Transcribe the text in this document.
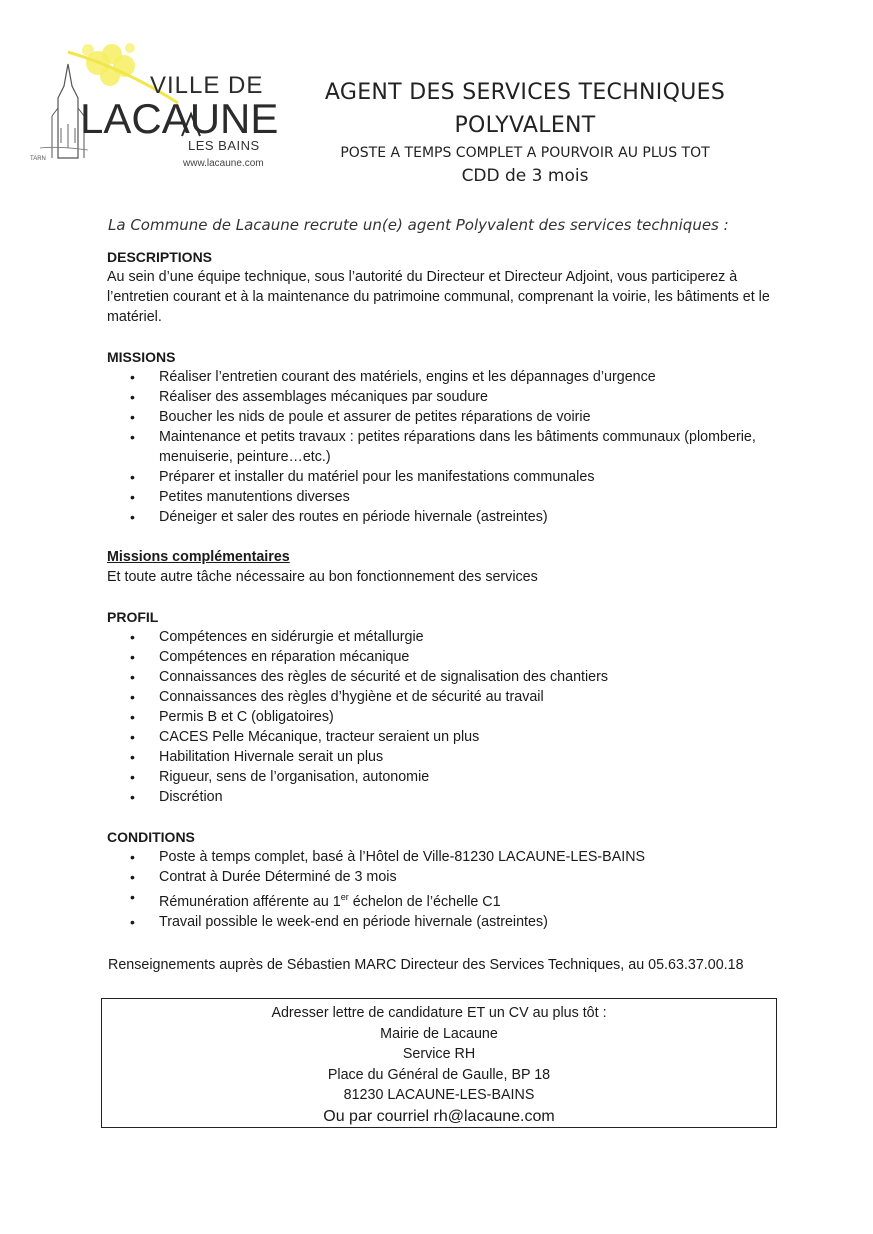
VILLE DE
LACAUNE
LES BAINS
TARN	www.lacaune.com
AGENT DES SERVICES TECHNIQUES
POLYVALENT
POSTE A TEMPS COMPLET A POURVOIR AU PLUS TOT
CDD de 3 mois
La Commune de Lacaune recrute un(e) agent Polyvalent des services techniques :

DESCRIPTIONS

Au sein d’une équipe technique, sous l’autorité du Directeur et Directeur Adjoint, vous participerez à l’entretien courant et à la maintenance du patrimoine communal, comprenant la voirie, les bâtiments et le matériel.

MISSIONS

• Réaliser l’entretien courant des matériels, engins et les dépannages d’urgence
• Réaliser des assemblages mécaniques par soudure
• Boucher les nids de poule et assurer de petites réparations de voirie
• Maintenance et petits travaux : petites réparations dans les bâtiments communaux (plomberie, menuiserie, peinture…etc.)
• Préparer et installer du matériel pour les manifestations communales
• Petites manutentions diverses
• Déneiger et saler des routes en période hivernale (astreintes)

Missions complémentaires

Et toute autre tâche nécessaire au bon fonctionnement des services

PROFIL

• Compétences en sidérurgie et métallurgie
• Compétences en réparation mécanique
• Connaissances des règles de sécurité et de signalisation des chantiers
• Connaissances des règles d’hygiène et de sécurité au travail
• Permis B et C (obligatoires)
• CACES Pelle Mécanique, tracteur seraient un plus
• Habilitation Hivernale serait un plus
• Rigueur, sens de l’organisation, autonomie
• Discrétion

CONDITIONS

• Poste à temps complet, basé à l’Hôtel de Ville-81230 LACAUNE-LES-BAINS
• Contrat à Durée Déterminé de 3 mois
• Rémunération afférente au 1er échelon de l’échelle C1
• Travail possible le week-end en période hivernale (astreintes)
Renseignements auprès de Sébastien MARC Directeur des Services Techniques, au 05.63.37.00.18
Adresser lettre de candidature ET un CV au plus tôt :
Mairie de Lacaune
Service RH
Place du Général de Gaulle, BP 18
81230 LACAUNE-LES-BAINS
Ou par courriel rh@lacaune.com
